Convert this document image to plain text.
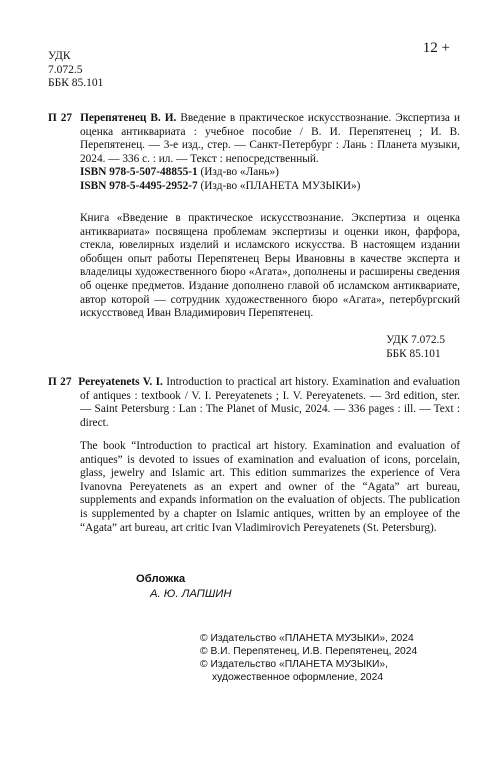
УДК
7.072.5
ББК 85.101
12 +
П 27 Перепятенец В. И. Введение в практическое искусствознание. Экспертиза и оценка антиквариата : учебное пособие / В. И. Перепятенец ; И. В. Перепятенец. — 3-е изд., стер. — Санкт-Петербург : Лань : Планета музыки, 2024. — 336 с. : ил. — Текст : непосредственный.
ISBN 978-5-507-48855-1 (Изд-во «Лань»)
ISBN 978-5-4495-2952-7 (Изд-во «ПЛАНЕТА МУЗЫКИ»)

Книга «Введение в практическое искусствознание. Экспертиза и оценка антиквариата» посвящена проблемам экспертизы и оценки икон, фарфора, стекла, ювелирных изделий и исламского искусства. В настоящем издании обобщен опыт работы Перепятенец Веры Ивановны в качестве эксперта и владелицы художественного бюро «Агата», дополнены и расширены сведения об оценке предметов. Издание дополнено главой об исламском антиквариате, автор которой — сотрудник художественного бюро «Агата», петербургский искусствовед Иван Владимирович Перепятенец.

УДК 7.072.5
ББК 85.101
П 27 Pereyatenets V. I. Introduction to practical art history. Examination and evaluation of antiques : textbook / V. I. Pereyatenets ; I. V. Pereyatenets. — 3rd edition, ster. — Saint Petersburg : Lan : The Planet of Music, 2024. — 336 pages : ill. — Text : direct.

The book “Introduction to practical art history. Examination and evaluation of antiques” is devoted to issues of examination and evaluation of icons, porcelain, glass, jewelry and Islamic art. This edition summarizes the experience of Vera Ivanovna Pereyatenets as an expert and owner of the “Agata” art bureau, supplements and expands information on the evaluation of objects. The publication is supplemented by a chapter on Islamic antiques, written by an employee of the “Agata” art bureau, art critic Ivan Vladimirovich Pereyatenets (St. Petersburg).

Обложка
А. Ю. ЛАПШИН
© Издательство «ПЛАНЕТА МУЗЫКИ», 2024
© В.И. Перепятенец, И.В. Перепятенец, 2024
© Издательство «ПЛАНЕТА МУЗЫКИ»,
художественное оформление, 2024
